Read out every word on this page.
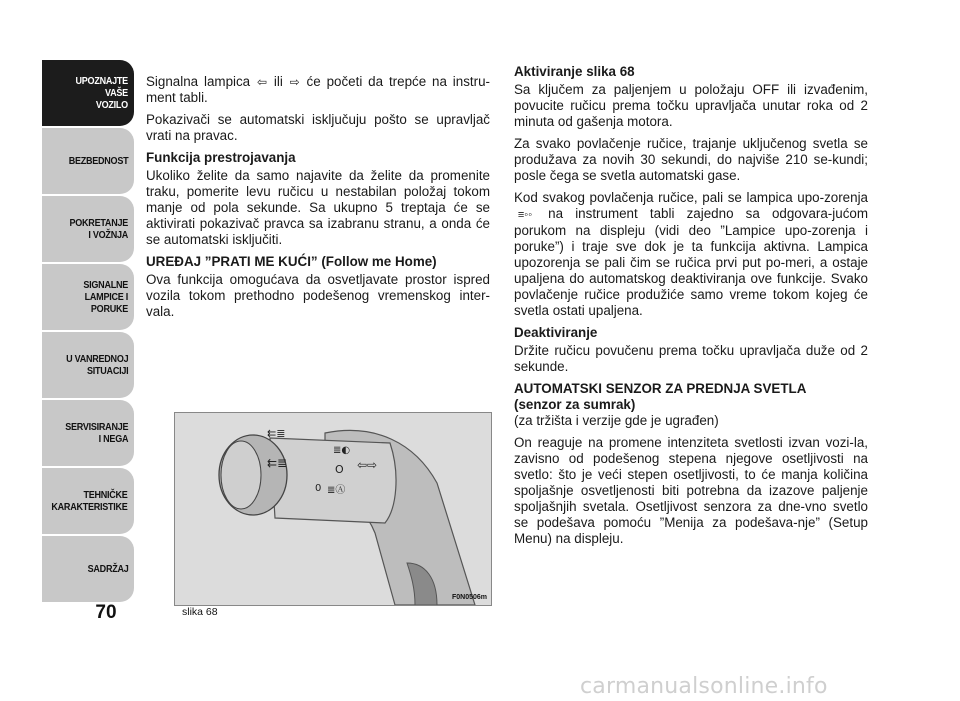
UPOZNAJTE
VAŠE
VOZILO
BEZBEDNOST
POKRETANJE
I VOŽNJA
SIGNALNE
LAMPICE I PORUKE
U VANREDNOJ
SITUACIJI
SERVISIRANJE
I NEGA
TEHNIČKE
KARAKTERISTIKE
SADRŽAJ
70

Signalna lampica ⇦ ili ⇨ će početi da trepće na instru-ment tabli.

Pokazivači se automatski isključuju pošto se upravljač vrati na pravac.

Funkcija prestrojavanja

Ukoliko želite da samo najavite da želite da promenite traku, pomerite levu ručicu u nestabilan položaj tokom manje od pola sekunde. Sa ukupno 5 treptaja će se aktivirati pokazivač pravca sa izabranu stranu, a onda će se automatski isključiti.

UREĐAJ ”PRATI ME KUĆI” (Follow me Home)

Ova funkcija omogućava da osvetljavate prostor ispred vozila tokom prethodno podešenog vremenskog inter-vala.

Aktiviranje slika 68

Sa ključem za paljenjem u položaju OFF ili izvađenim, povucite ručicu prema točku upravljača unutar roka od 2 minuta od gašenja motora.

Za svako povlačenje ručice, trajanje uključenog svetla se produžava za novih 30 sekundi, do najviše 210 se-kundi; posle čega se svetla automatski gase.

Kod svakog povlačenja ručice, pali se lampica upo-zorenja ≡◦◦ na instrument tabli zajedno sa odgovara-jućom porukom na displeju (vidi deo ”Lampice upo-zorenja i poruke”) i traje sve dok je ta funkcija aktivna. Lampica upozorenja se pali čim se ručica prvi put po-meri, a ostaje upaljena do automatskog deaktiviranja ove funkcije. Svako povlačenje ručice produžiće samo vreme tokom kojeg će svetla ostati upaljena.

Deaktiviranje

Držite ručicu povučenu prema točku upravljača duže od 2 sekunde.

AUTOMATSKI SENZOR ZA PREDNJA SVETLA

(senzor za sumrak)

(za tržišta i verzije gde je ugrađen)

On reaguje na promene intenziteta svetlosti izvan vozi-la, zavisno od podešenog stepena njegove osetljivosti na svetlo: što je veći stepen osetljivosti, to će manja količina spoljašnje osvetljenosti biti potrebna da izazove paljenje spoljašnjih svetala. Osetljivost senzora za dne-vno svetlo se podešava pomoću ”Menija za podešava-nje” (Setup Menu) na displeju.

⇇≣
⇇≣
≣◐
O ⇦⇨
0 ≣Ⓐ
F0N0506m
slika 68
carmanualsonline.info
